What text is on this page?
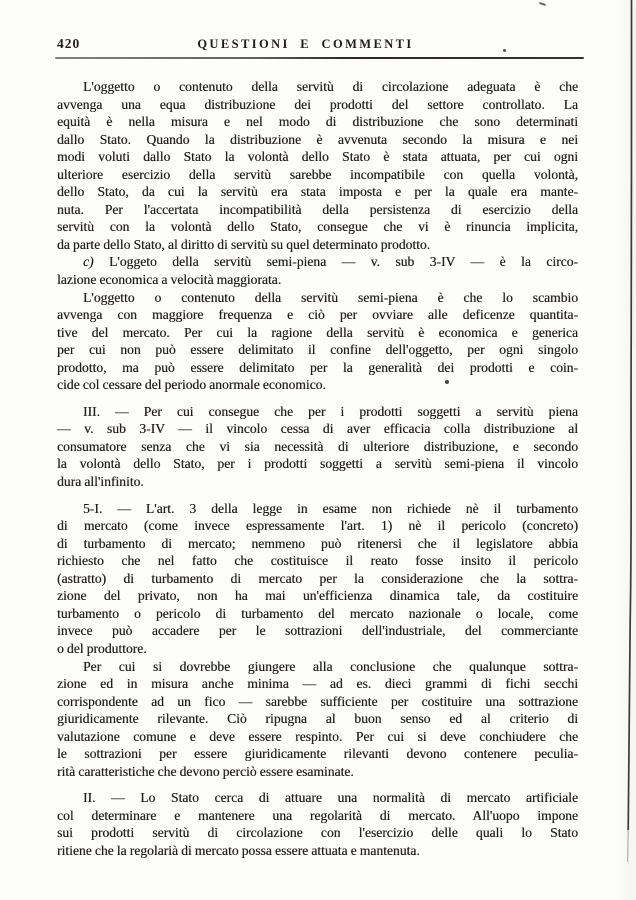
420	QUESTIONI E COMMENTI
L'oggetto o contenuto della servitù di circolazione adeguata è che
avvenga una equa distribuzione dei prodotti del settore controllato. La
equità è nella misura e nel modo di distribuzione che sono determinati
dallo Stato. Quando la distribuzione è avvenuta secondo la misura e nei
modi voluti dallo Stato la volontà dello Stato è stata attuata, per cui ogni
ulteriore esercizio della servitù sarebbe incompatibile con quella volontà,
dello Stato, da cui la servitù era stata imposta e per la quale era mante-
nuta. Per l'accertata incompatibilità della persistenza di esercizio della
servitù con la volontà dello Stato, consegue che vi è rinuncia implicita,
da parte dello Stato, al diritto di servitù su quel determinato prodotto.
c) L'oggeto della servitù semi-piena — v. sub 3-IV — è la circo-
lazione economica a velocità maggiorata.
L'oggetto o contenuto della servitù semi-piena è che lo scambio
avvenga con maggiore frequenza e ciò per ovviare alle deficenze quantita-
tive del mercato. Per cui la ragione della servitù è economica e generica
per cui non può essere delimitato il confine dell'oggetto, per ogni singolo
prodotto, ma può essere delimitato per la generalità dei prodotti e coin-
cide col cessare del periodo anormale economico.
III. — Per cui consegue che per i prodotti soggetti a servitù piena
— v. sub 3-IV — il vincolo cessa di aver efficacia colla distribuzione al
consumatore senza che vi sia necessità di ulteriore distribuzione, e secondo
la volontà dello Stato, per i prodotti soggetti a servitù semi-piena il vincolo
dura all'infinito.
5-I. — L'art. 3 della legge in esame non richiede nè il turbamento
di mercato (come invece espressamente l'art. 1) nè il pericolo (concreto)
di turbamento di mercato; nemmeno può ritenersi che il legislatore abbia
richiesto che nel fatto che costituisce il reato fosse insito il pericolo
(astratto) di turbamento di mercato per la considerazione che la sottra-
zione del privato, non ha mai un'efficienza dinamica tale, da costituire
turbamento o pericolo di turbamento del mercato nazionale o locale, come
invece può accadere per le sottrazioni dell'industriale, del commerciante
o del produttore.
Per cui si dovrebbe giungere alla conclusione che qualunque sottra-
zione ed in misura anche minima — ad es. dieci grammi di fichi secchi
corrispondente ad un fico — sarebbe sufficiente per costituire una sottrazione
giuridicamente rilevante. Ciò ripugna al buon senso ed al criterio di
valutazione comune e deve essere respinto. Per cui si deve conchiudere che
le sottrazioni per essere giuridicamente rilevanti devono contenere peculia-
rità caratteristiche che devono perciò essere esaminate.
II. — Lo Stato cerca di attuare una normalità di mercato artificiale
col determinare e mantenere una regolarità di mercato. All'uopo impone
sui prodotti servitù di circolazione con l'esercizio delle quali lo Stato
ritiene che la regolarià di mercato possa essere attuata e mantenuta.
